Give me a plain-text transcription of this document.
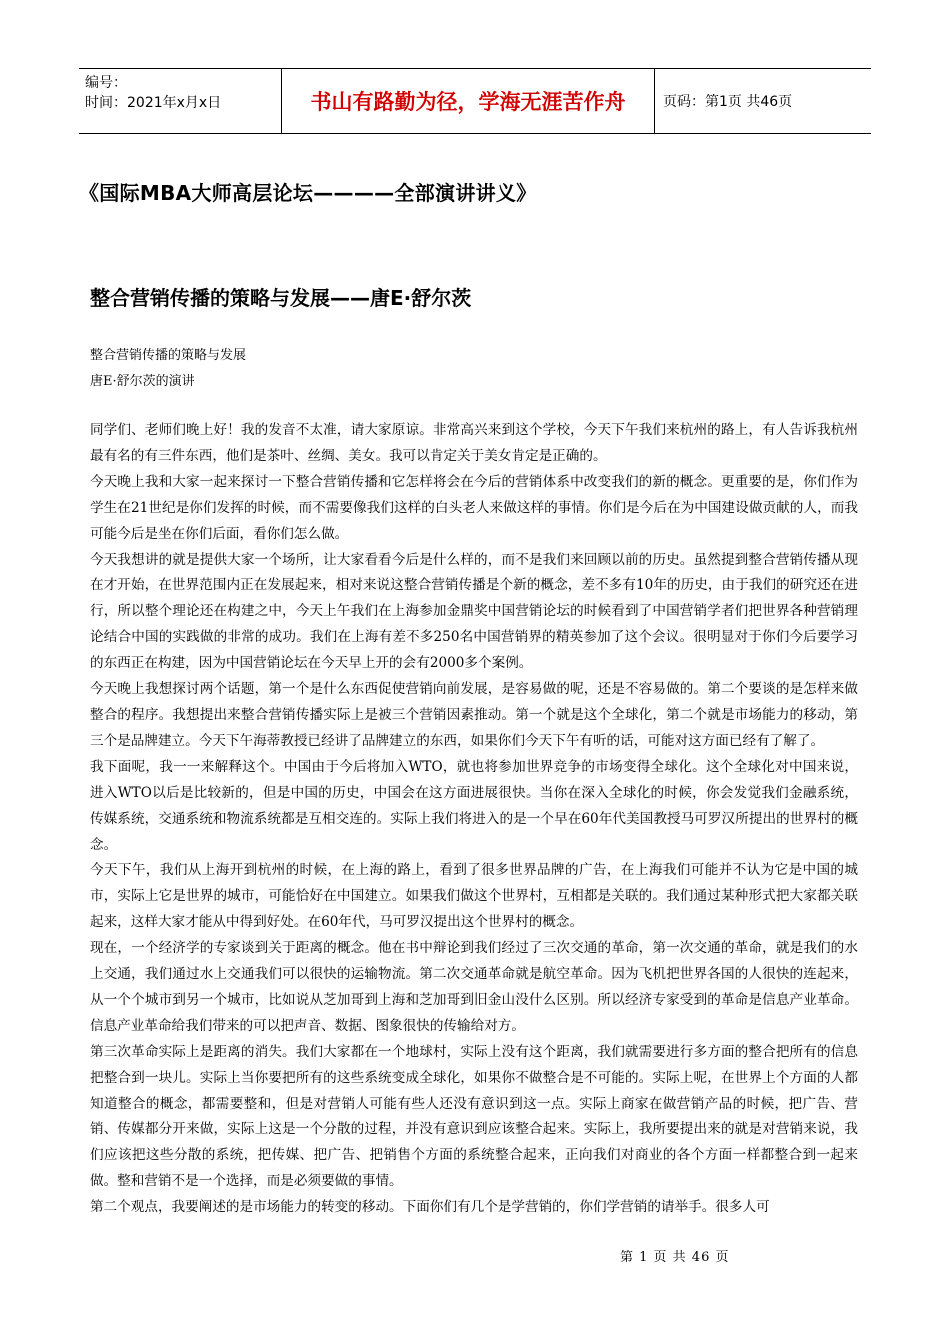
编号：
时间：2021年x月x日	书山有路勤为径，学海无涯苦作舟	页码：第1页 共46页
《国际MBA大师高层论坛————全部演讲讲义》
整合营销传播的策略与发展——唐E·舒尔茨
整合营销传播的策略与发展
唐E·舒尔茨的演讲

同学们、老师们晚上好！我的发音不太准，请大家原谅。非常高兴来到这个学校，今天下午我们来杭州的路上，有人告诉我杭州最有名的有三件东西，他们是茶叶、丝绸、美女。我可以肯定关于美女肯定是正确的。

今天晚上我和大家一起来探讨一下整合营销传播和它怎样将会在今后的营销体系中改变我们的新的概念。更重要的是，你们作为学生在21世纪是你们发挥的时候，而不需要像我们这样的白头老人来做这样的事情。你们是今后在为中国建设做贡献的人，而我可能今后是坐在你们后面，看你们怎么做。

今天我想讲的就是提供大家一个场所，让大家看看今后是什么样的，而不是我们来回顾以前的历史。虽然提到整合营销传播从现在才开始，在世界范围内正在发展起来，相对来说这整合营销传播是个新的概念，差不多有10年的历史，由于我们的研究还在进行，所以整个理论还在构建之中，今天上午我们在上海参加金鼎奖中国营销论坛的时候看到了中国营销学者们把世界各种营销理论结合中国的实践做的非常的成功。我们在上海有差不多250名中国营销界的精英参加了这个会议。很明显对于你们今后要学习的东西正在构建，因为中国营销论坛在今天早上开的会有2000多个案例。

今天晚上我想探讨两个话题，第一个是什么东西促使营销向前发展，是容易做的呢，还是不容易做的。第二个要谈的是怎样来做整合的程序。我想提出来整合营销传播实际上是被三个营销因素推动。第一个就是这个全球化，第二个就是市场能力的移动，第三个是品牌建立。今天下午海蒂教授已经讲了品牌建立的东西，如果你们今天下午有听的话，可能对这方面已经有了解了。

我下面呢，我一一来解释这个。中国由于今后将加入WTO，就也将参加世界竞争的市场变得全球化。这个全球化对中国来说，进入WTO以后是比较新的，但是中国的历史，中国会在这方面进展很快。当你在深入全球化的时候，你会发觉我们金融系统，传媒系统，交通系统和物流系统都是互相交连的。实际上我们将进入的是一个早在60年代美国教授马可罗汉所提出的世界村的概念。

今天下午，我们从上海开到杭州的时候，在上海的路上，看到了很多世界品牌的广告，在上海我们可能并不认为它是中国的城市，实际上它是世界的城市，可能恰好在中国建立。如果我们做这个世界村，互相都是关联的。我们通过某种形式把大家都关联起来，这样大家才能从中得到好处。在60年代，马可罗汉提出这个世界村的概念。

现在，一个经济学的专家谈到关于距离的概念。他在书中辩论到我们经过了三次交通的革命，第一次交通的革命，就是我们的水上交通，我们通过水上交通我们可以很快的运输物流。第二次交通革命就是航空革命。因为飞机把世界各国的人很快的连起来，从一个个城市到另一个城市，比如说从芝加哥到上海和芝加哥到旧金山没什么区别。所以经济专家受到的革命是信息产业革命。信息产业革命给我们带来的可以把声音、数据、图象很快的传输给对方。

第三次革命实际上是距离的消失。我们大家都在一个地球村，实际上没有这个距离，我们就需要进行多方面的整合把所有的信息把整合到一块儿。实际上当你要把所有的这些系统变成全球化，如果你不做整合是不可能的。实际上呢，在世界上个方面的人都知道整合的概念，都需要整和，但是对营销人可能有些人还没有意识到这一点。实际上商家在做营销产品的时候，把广告、营销、传媒都分开来做，实际上这是一个分散的过程，并没有意识到应该整合起来。实际上，我所要提出来的就是对营销来说，我们应该把这些分散的系统，把传媒、把广告、把销售个方面的系统整合起来，正向我们对商业的各个方面一样都整合到一起来做。整和营销不是一个选择，而是必须要做的事情。

第二个观点，我要阐述的是市场能力的转变的移动。下面你们有几个是学营销的，你们学营销的请举手。很多人可

第 1 页 共 46 页
